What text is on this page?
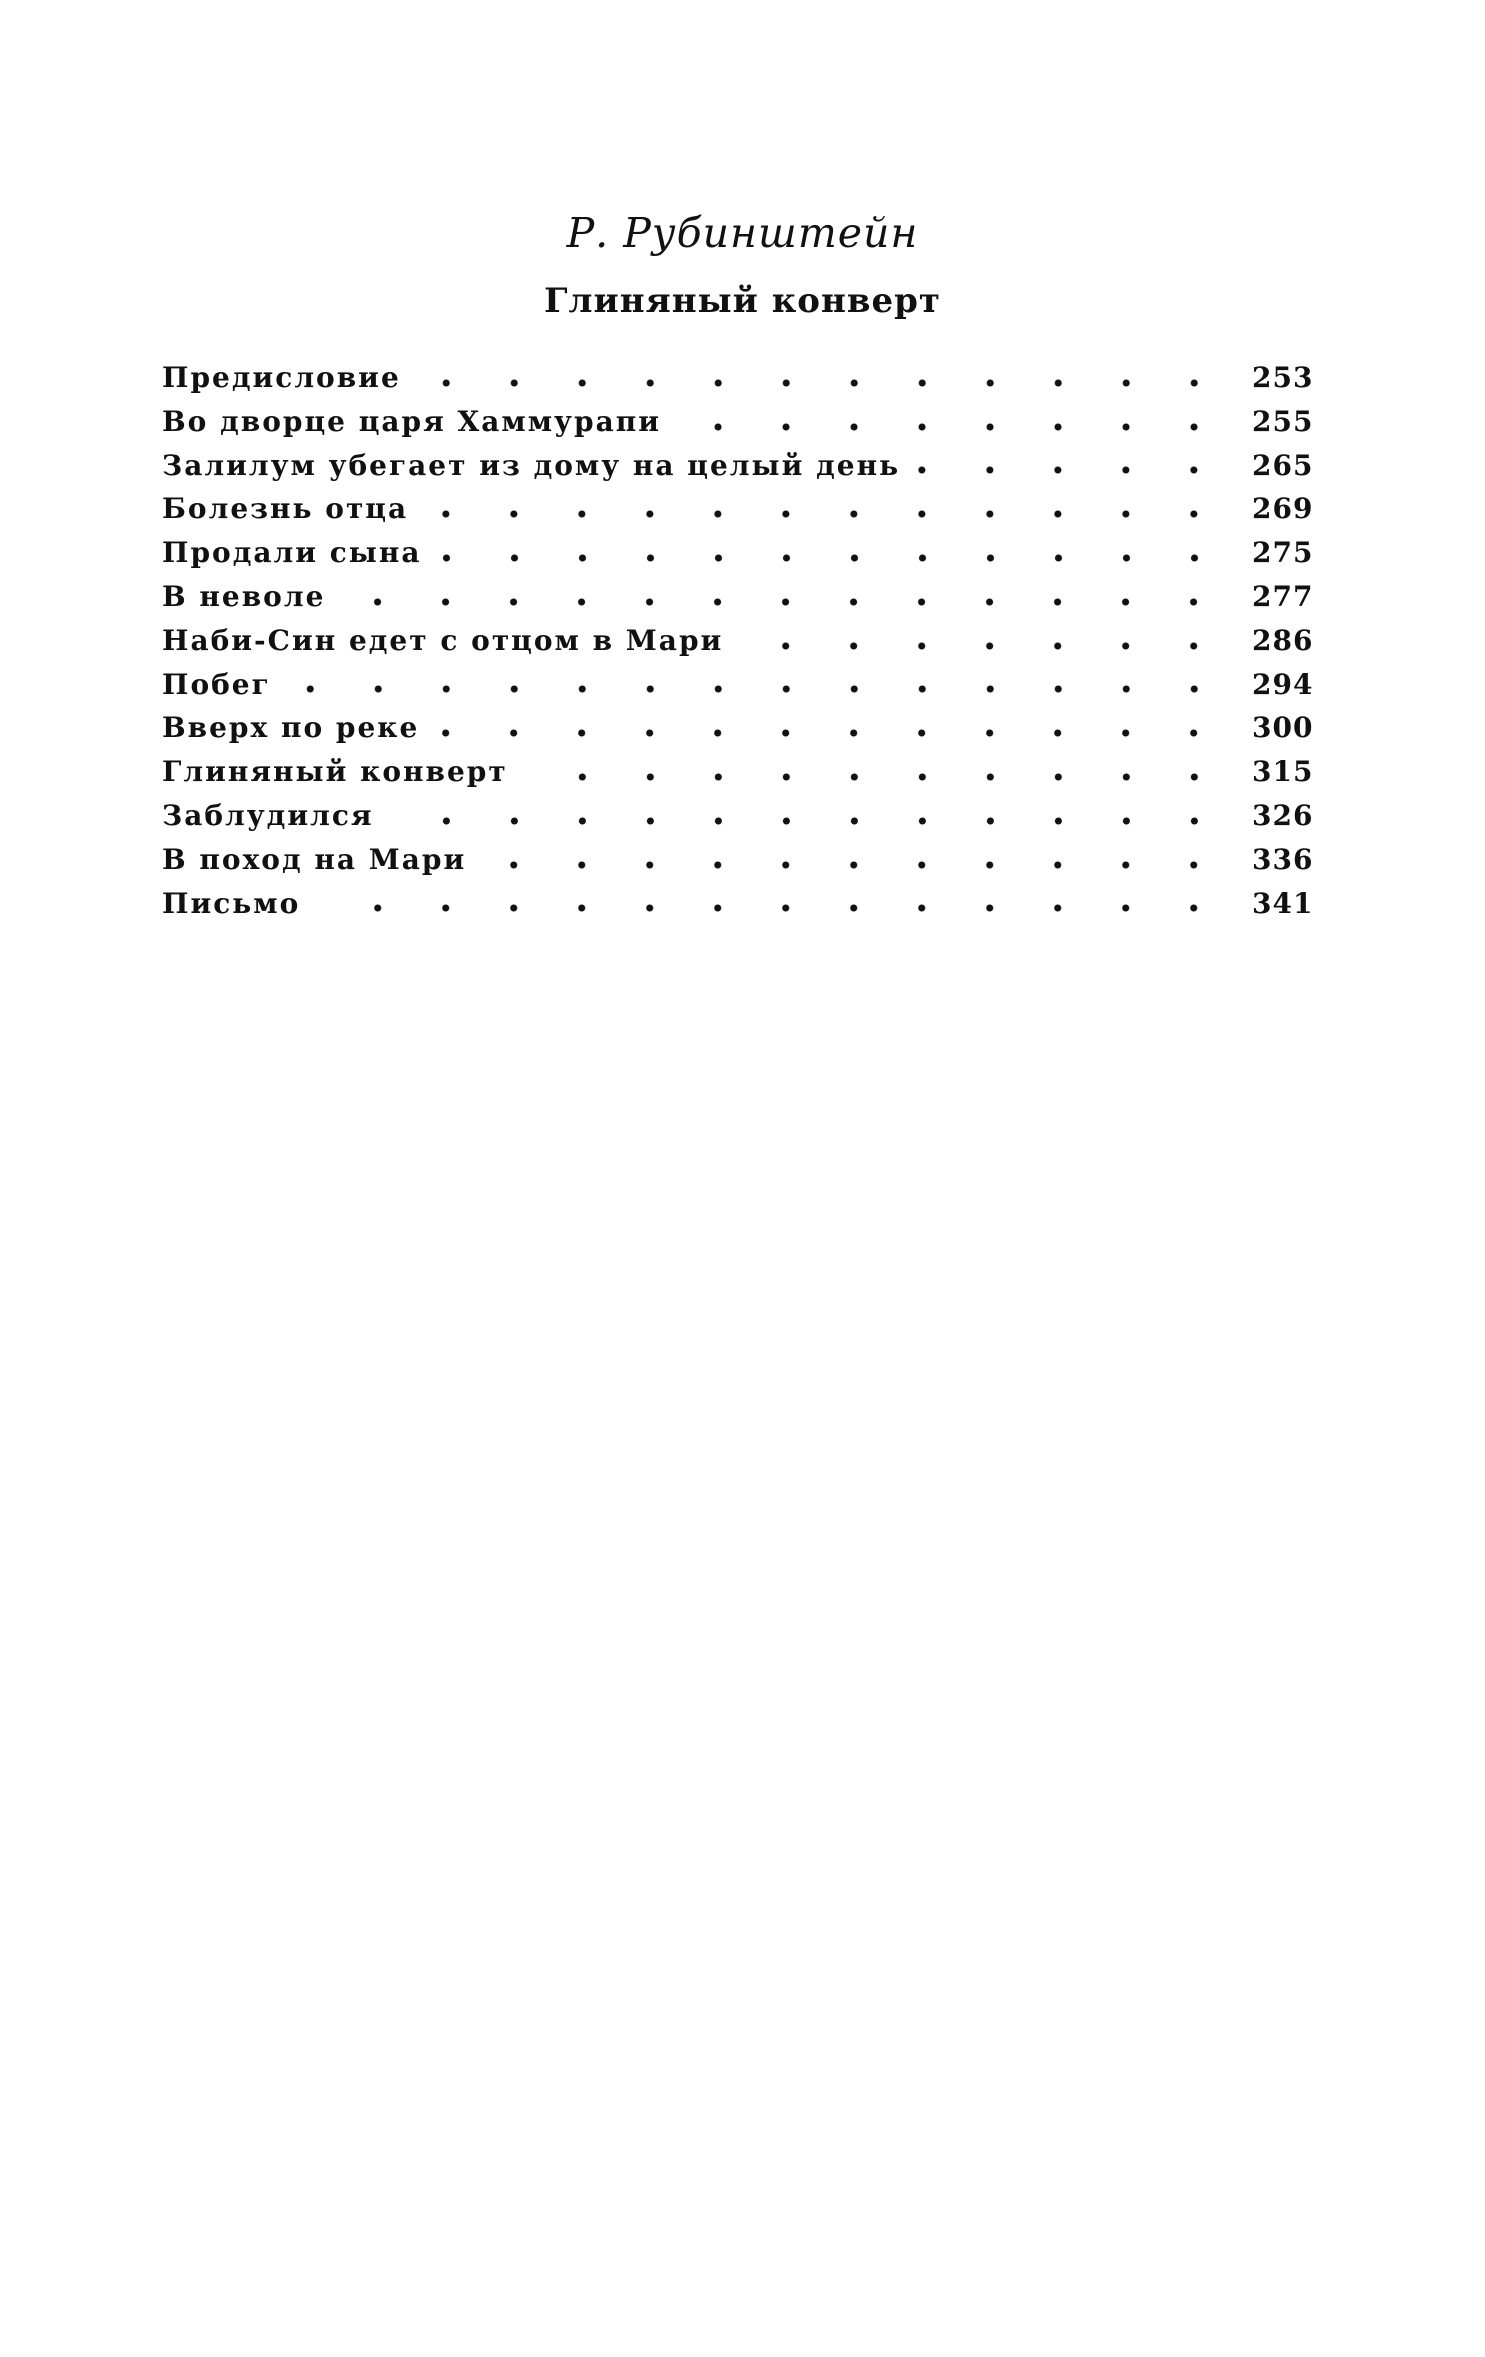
Р. Рубинштейн
Глиняный конверт
Предисловие	253
Во дворце царя Хаммурапи	255
Залилум убегает из дому на целый день	265
Болезнь отца	269
Продали сына	275
В неволе	277
Наби-Син едет с отцом в Мари	286
Побег	294
Вверх по реке	300
Глиняный конверт	315
Заблудился	326
В поход на Мари	336
Письмо	341
